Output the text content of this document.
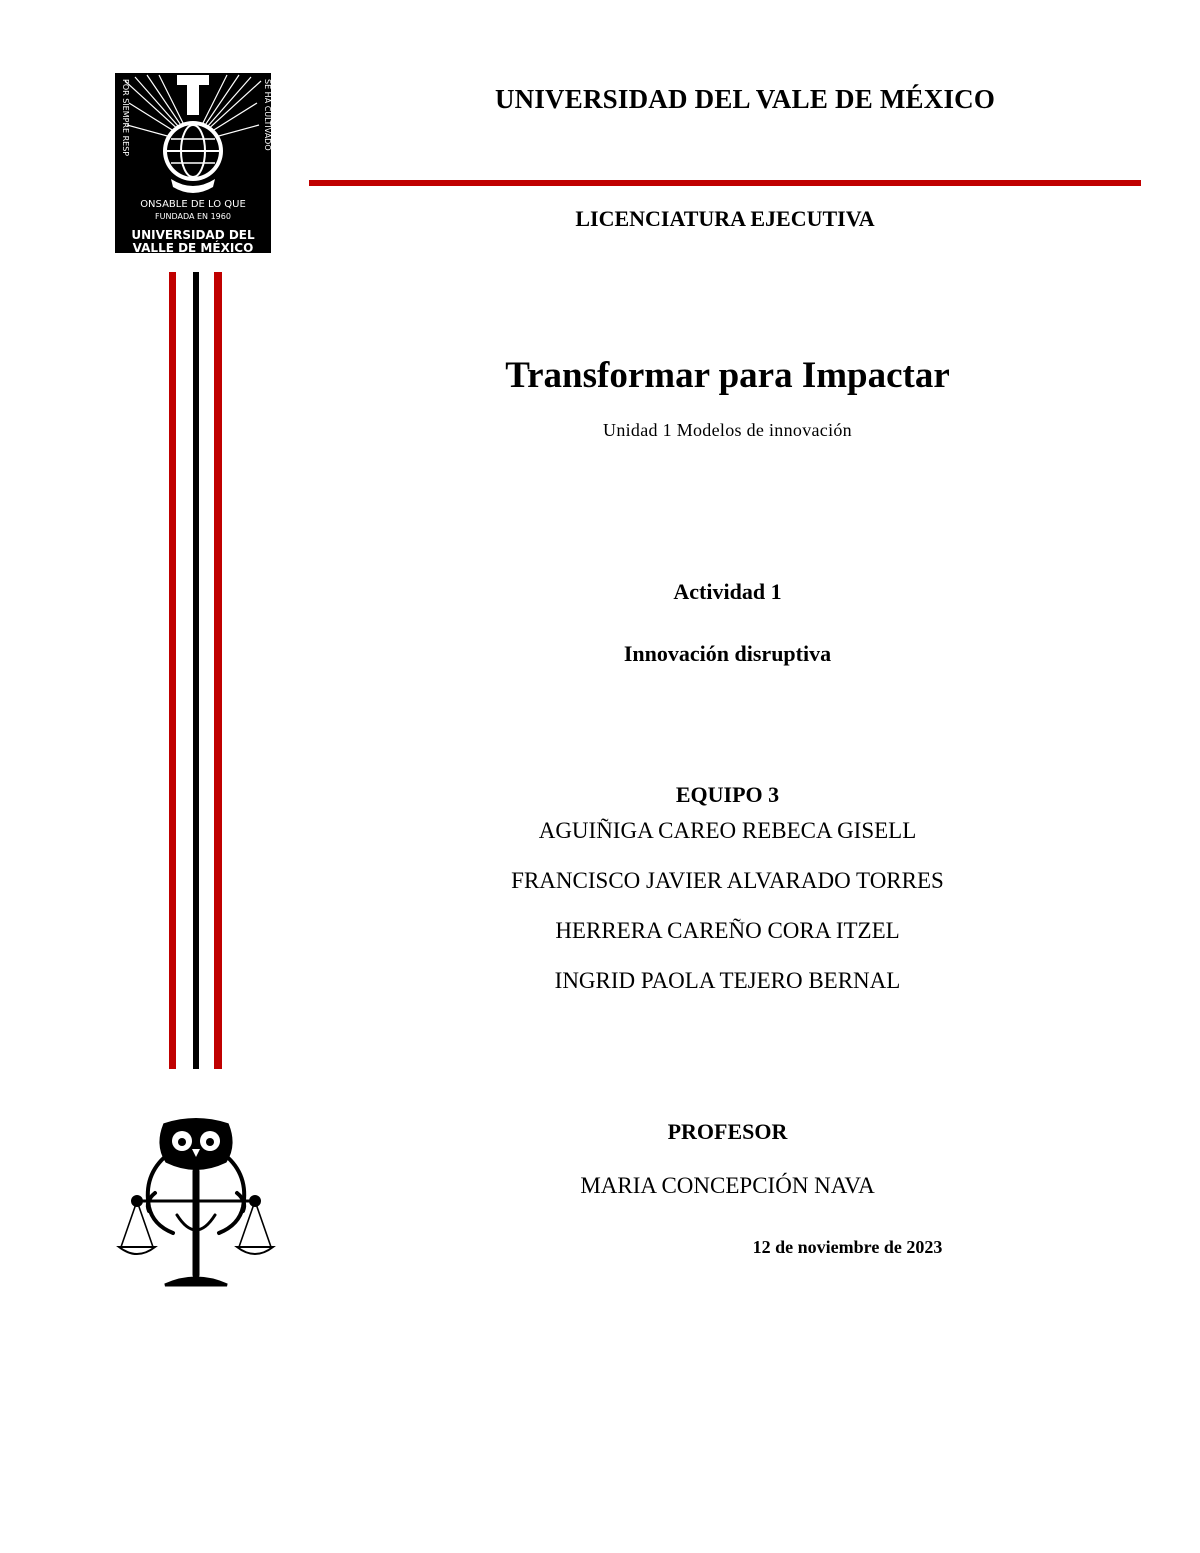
POR SIEMPRE RESP	SE HA CULTIVADO
ONSABLE DE LO QUE
FUNDADA EN 1960
UNIVERSIDAD DEL
VALLE DE MÉXICO
UNIVERSIDAD DEL VALE DE MÉXICO
LICENCIATURA EJECUTIVA
Transformar para Impactar
Unidad 1 Modelos de innovación
Actividad 1
Innovación disruptiva
EQUIPO 3
AGUIÑIGA CAREO REBECA GISELL
FRANCISCO JAVIER ALVARADO TORRES
HERRERA CAREÑO CORA ITZEL
INGRID PAOLA TEJERO BERNAL
PROFESOR
MARIA CONCEPCIÓN NAVA
12 de noviembre de 2023
